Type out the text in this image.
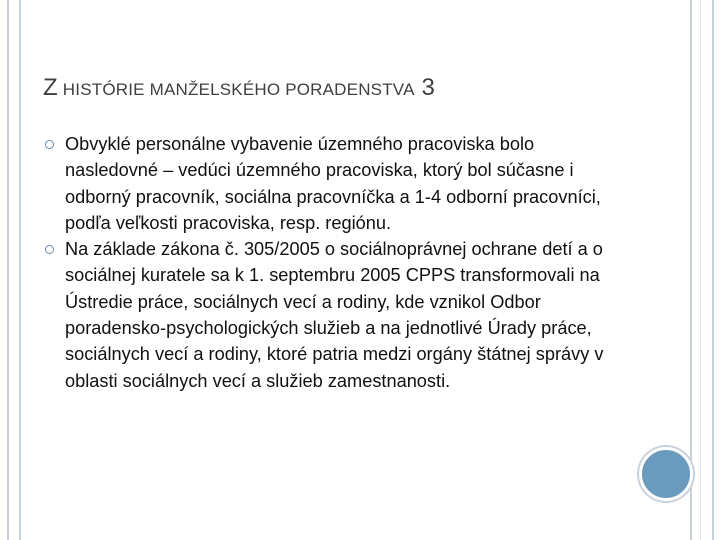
Z HISTÓRIE MANŽELSKÉHO PORADENSTVA 3
Obvyklé personálne vybavenie územného pracoviska bolo nasledovné – vedúci územného pracoviska, ktorý bol súčasne i odborný pracovník, sociálna pracovníčka a 1-4 odborní pracovníci, podľa veľkosti pracoviska, resp. regiónu.
Na základe zákona č. 305/2005 o sociálnoprávnej ochrane detí a o sociálnej kuratele sa k 1. septembru 2005 CPPS transformovali na Ústredie práce, sociálnych vecí a rodiny, kde vznikol Odbor poradensko-psychologických služieb a na jednotlivé Úrady práce, sociálnych vecí a rodiny, ktoré patria medzi orgány štátnej správy v oblasti sociálnych vecí a služieb zamestnanosti.
